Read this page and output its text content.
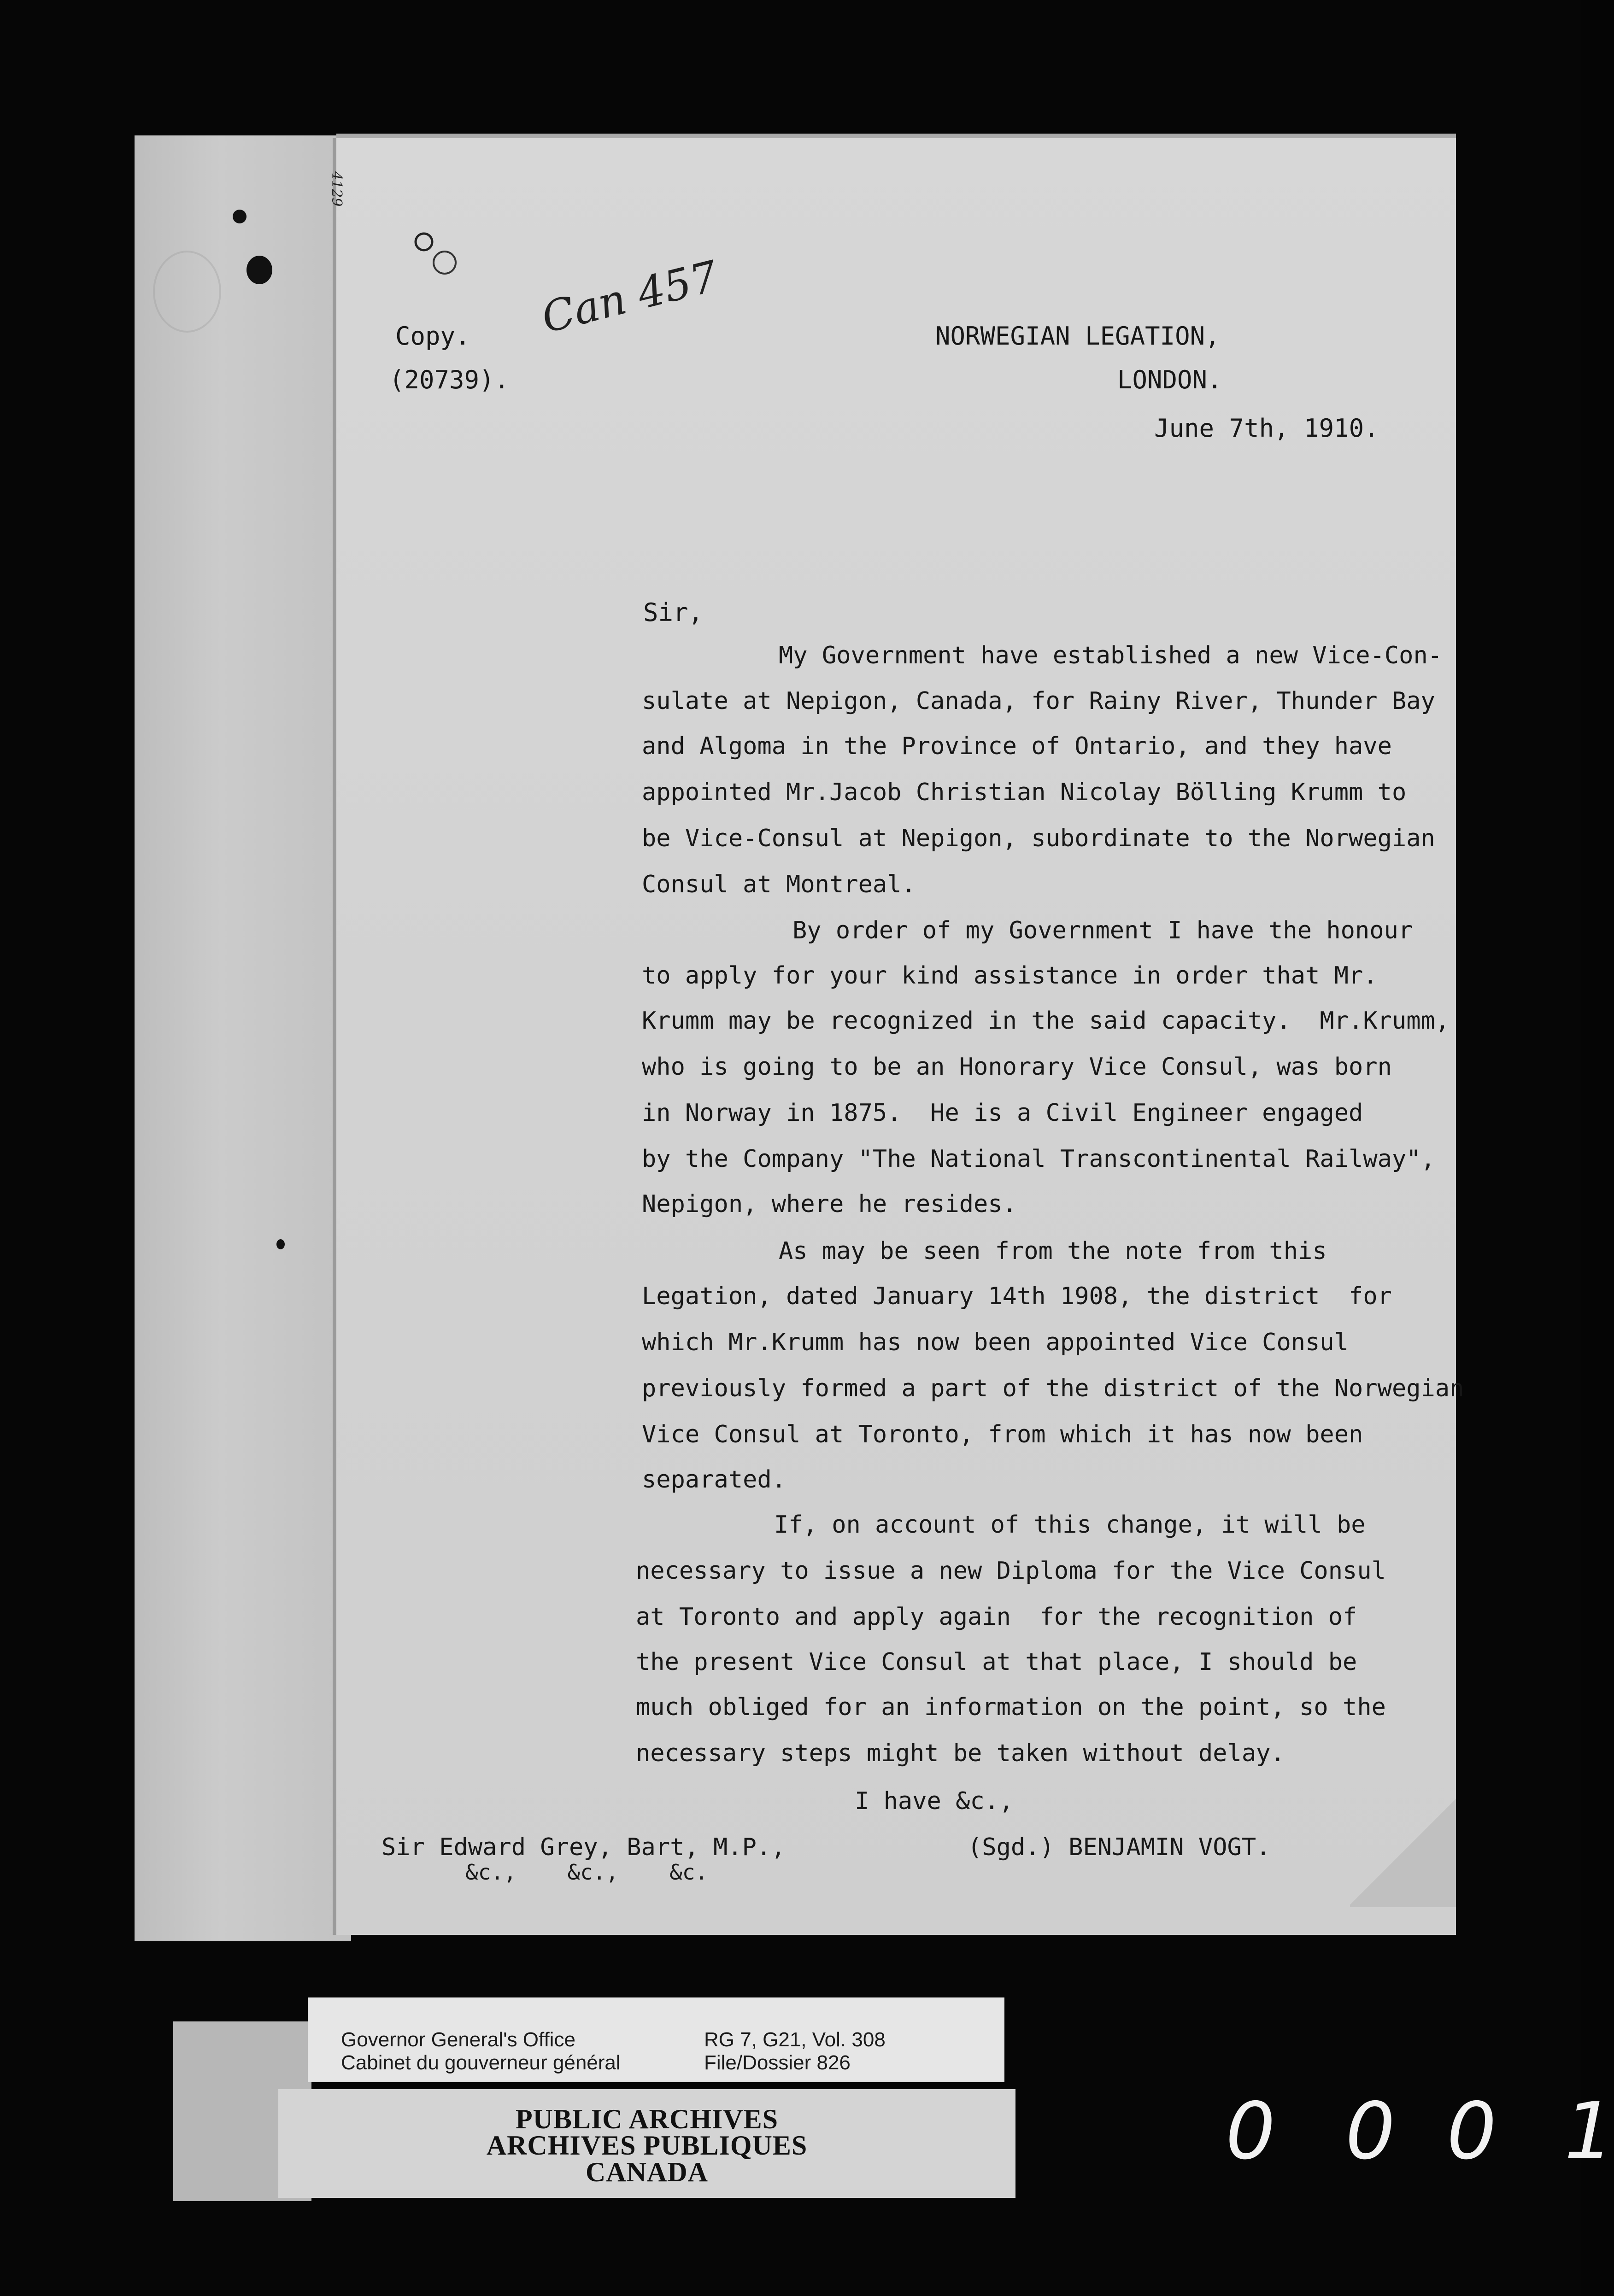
4129
Copy.
(20739).
Can 457	NORWEGIAN LEGATION,
LONDON.
June 7th, 1910.
Sir,
My Government have established a new Vice-Con-
sulate at Nepigon, Canada, for Rainy River, Thunder Bay
and Algoma in the Province of Ontario, and they have
appointed Mr.Jacob Christian Nicolay Bölling Krumm to
be Vice-Consul at Nepigon, subordinate to the Norwegian
Consul at Montreal.
By order of my Government I have the honour
to apply for your kind assistance in order that Mr.
Krumm may be recognized in the said capacity.  Mr.Krumm,
who is going to be an Honorary Vice Consul, was born
in Norway in 1875.  He is a Civil Engineer engaged
by the Company "The National Transcontinental Railway",
Nepigon, where he resides.
As may be seen from the note from this
Legation, dated January 14th 1908, the district  for
which Mr.Krumm has now been appointed Vice Consul
previously formed a part of the district of the Norwegian
Vice Consul at Toronto, from which it has now been
separated.
If, on account of this change, it will be
necessary to issue a new Diploma for the Vice Consul
at Toronto and apply again  for the recognition of
the present Vice Consul at that place, I should be
much obliged for an information on the point, so the
necessary steps might be taken without delay.
I have &c.,
Sir Edward Grey, Bart, M.P.,
&c.,    &c.,    &c.
(Sgd.) BENJAMIN VOGT.
Governor General's Office
Cabinet du gouverneur général
RG 7, G21, Vol. 308
File/Dossier 826
PUBLIC ARCHIVES
ARCHIVES PUBLIQUES
CANADA	0 0 0 1
